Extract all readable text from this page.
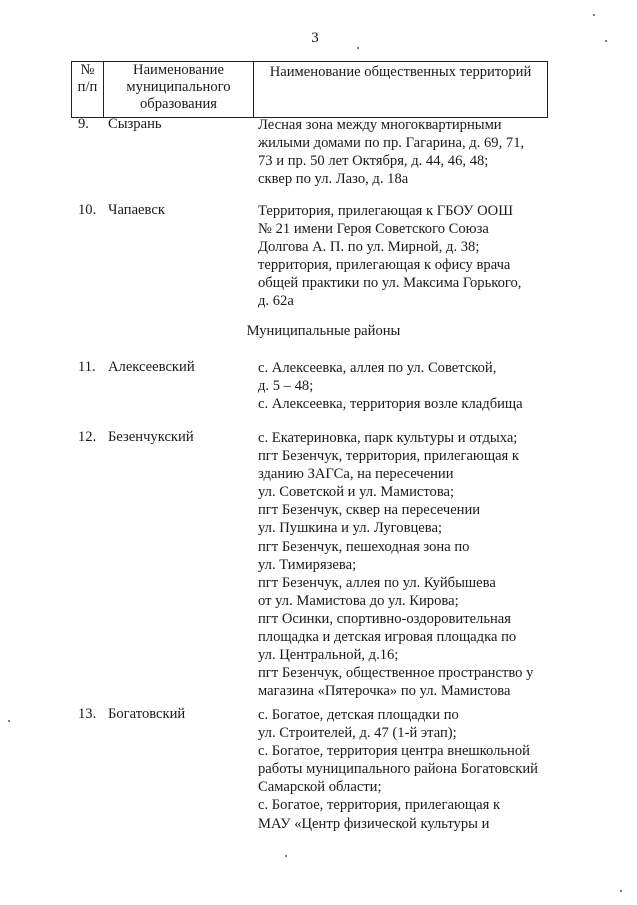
3
№
п/п

Наименование
муниципального
образования

Наименование общественных территорий
9. Сызрань	Лесная зона между многоквартирными
жилыми домами по пр. Гагарина, д. 69, 71,
73 и пр. 50 лет Октября, д. 44, 46, 48;
сквер по ул. Лазо, д. 18а
10. Чапаевск	Территория, прилегающая к ГБОУ ООШ
№ 21 имени Героя Советского Союза
Долгова А. П. по ул. Мирной, д. 38;
территория, прилегающая к офису врача
общей практики по ул. Максима Горького,
д. 62а
Муниципальные районы
11. Алексеевский	с. Алексеевка, аллея по ул. Советской,
д. 5 – 48;
с. Алексеевка, территория возле кладбища
12. Безенчукский	с. Екатериновка, парк культуры и отдыха;
пгт Безенчук, территория, прилегающая к
зданию ЗАГСа, на пересечении
ул. Советской и ул. Мамистова;
пгт Безенчук, сквер на пересечении
ул. Пушкина и ул. Луговцева;
пгт Безенчук, пешеходная зона по
ул. Тимирязева;
пгт Безенчук, аллея по ул. Куйбышева
от ул. Мамистова до ул. Кирова;
пгт Осинки, спортивно-оздоровительная
площадка и детская игровая площадка по
ул. Центральной, д.16;
пгт Безенчук, общественное пространство у
магазина «Пятерочка» по ул. Мамистова
13. Богатовский	с. Богатое, детская площадки по
ул. Строителей, д. 47 (1-й этап);
с. Богатое, территория центра внешкольной
работы муниципального района Богатовский
Самарской области;
с. Богатое, территория, прилегающая к
МАУ «Центр физической культуры и
